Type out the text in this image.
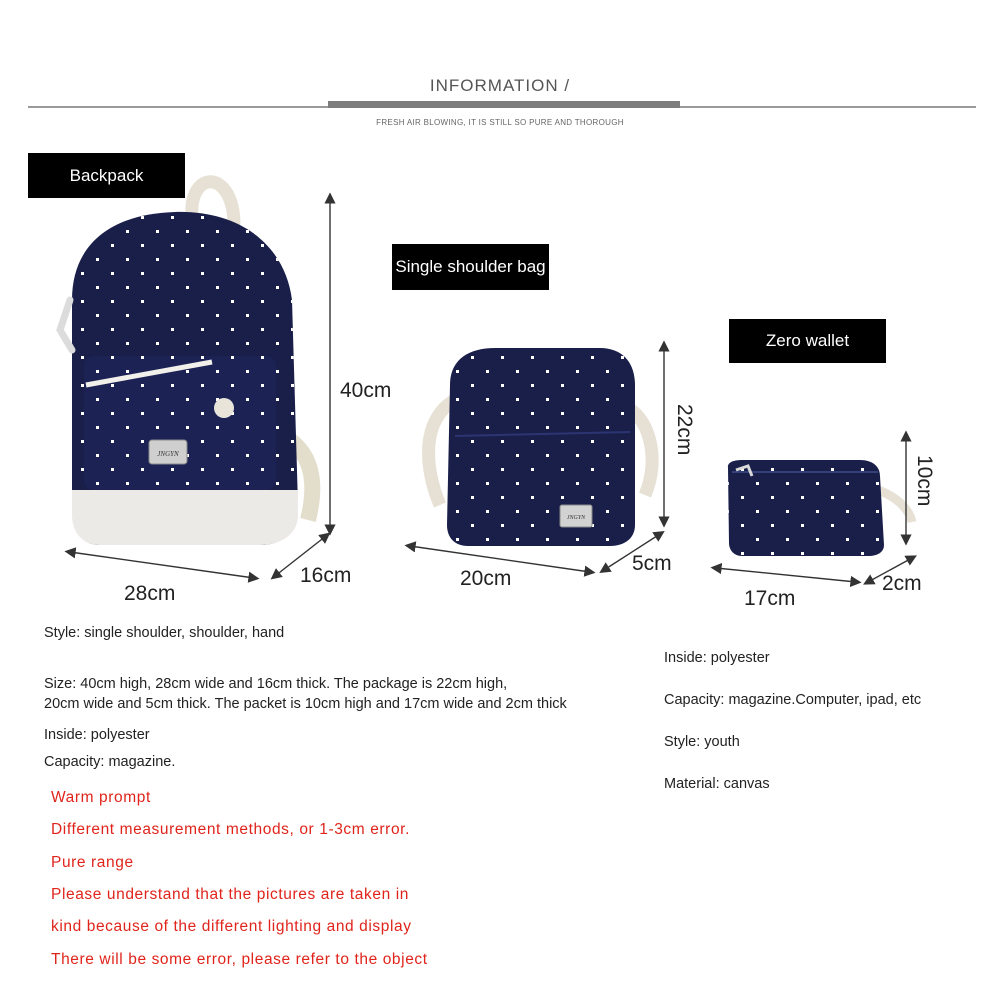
INFORMATION /
FRESH AIR BLOWING, IT IS STILL SO PURE AND THOROUGH
Backpack
Single shoulder bag
Zero wallet
JNGYN
JNGYN
40cm
28cm
16cm
22cm
20cm
5cm
10cm
17cm
2cm
Style: single shoulder, shoulder, hand
Size: 40cm high, 28cm wide and 16cm thick. The package is 22cm high,
20cm wide and 5cm thick. The packet is 10cm high and 17cm wide and 2cm thick
Inside: polyester
Capacity: magazine.
Inside: polyester
Capacity: magazine.Computer, ipad, etc
Style: youth
Material: canvas
Warm prompt
Different measurement methods, or 1-3cm error.
Pure range
Please understand that the pictures are taken in
kind because of the different lighting and display
There will be some error, please refer to the object
